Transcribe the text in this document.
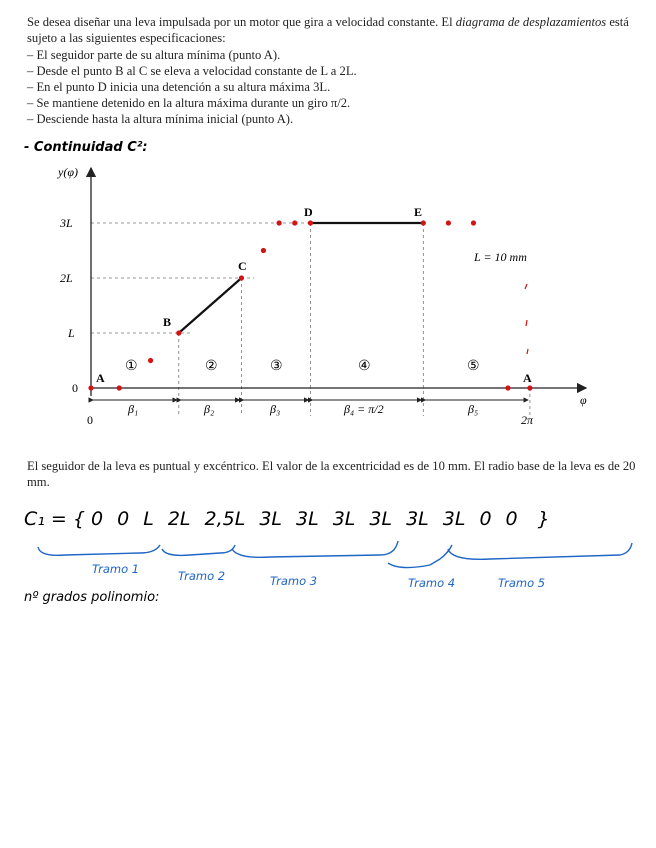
Se desea diseñar una leva impulsada por un motor que gira a velocidad constante. El diagrama de desplazamientos está sujeto a las siguientes especificaciones:

– El seguidor parte de su altura mínima (punto A).
– Desde el punto B al C se eleva a velocidad constante de L a 2L.
– En el punto D inicia una detención a su altura máxima 3L.
– Se mantiene detenido en la altura máxima durante un giro π/2.
– Desciende hasta la altura mínima inicial (punto A).
- Continuidad C²:
y(φ)
φ
0
L
2L
3L
0	2π
β₁	β₂	β₃	β₄ = π/2	β₅
①	②	③	④	⑤
A
B
C
D	E
A
L = 10 mm
El seguidor de la leva es puntual y excéntrico. El valor de la excentricidad es de 10 mm. El radio base de la leva es de 20 mm.
C₁ = { 0 0 L 2L 2,5L 3L 3L 3L 3L 3L 3L 0 0 }
Tramo 1	Tramo 2	Tramo 3	Tramo 4	Tramo 5
nº grados polinomio:
